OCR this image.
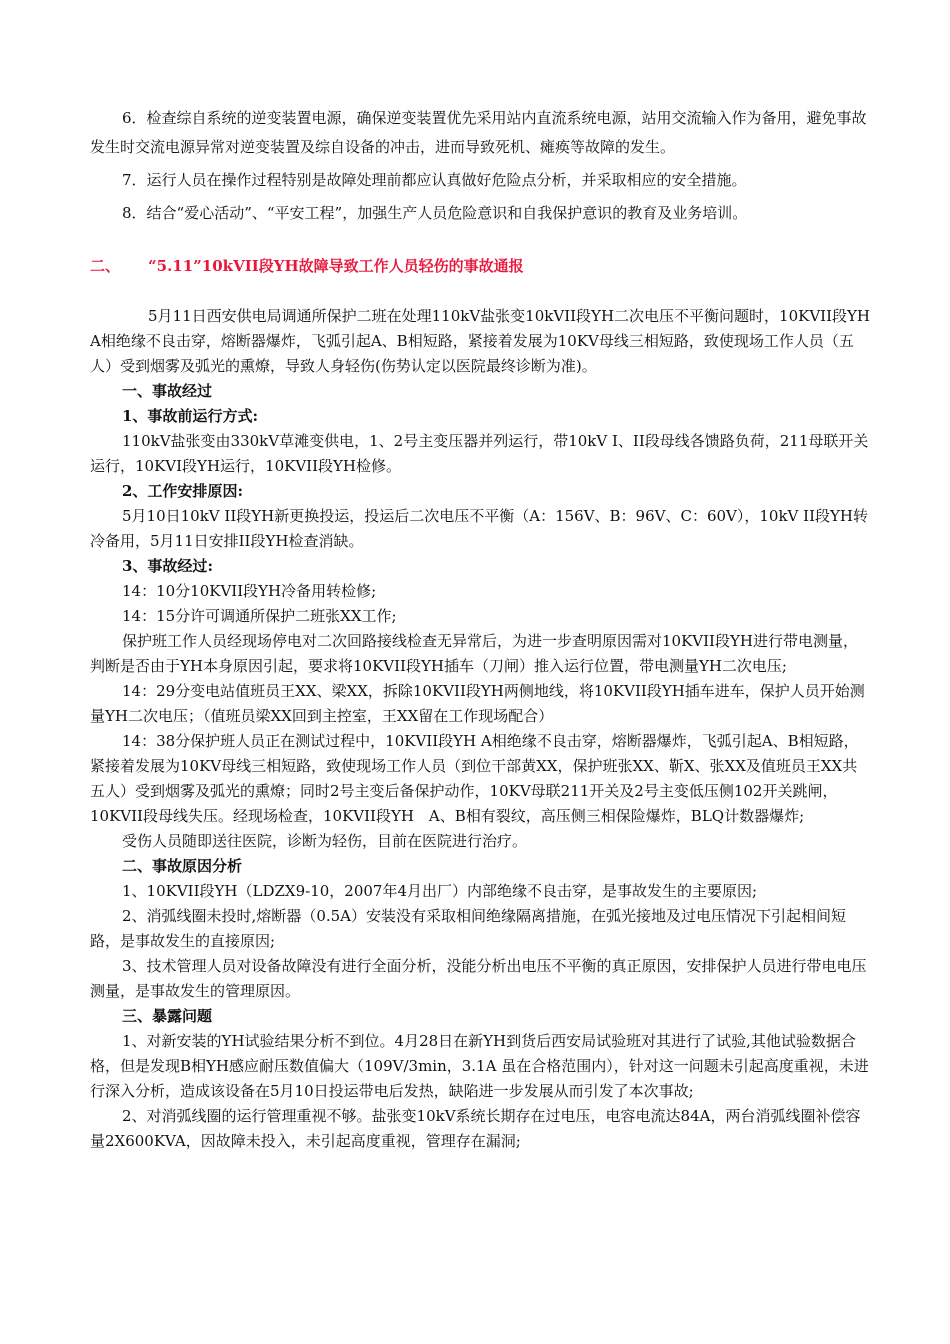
6．检查综自系统的逆变装置电源，确保逆变装置优先采用站内直流系统电源，站用交流输入作为备用，避免事故发生时交流电源异常对逆变装置及综自设备的冲击，进而导致死机、瘫痪等故障的发生。

7．运行人员在操作过程特别是故障处理前都应认真做好危险点分析，并采取相应的安全措施。

8．结合“爱心活动”、“平安工程”，加强生产人员危险意识和自我保护意识的教育及业务培训。

二、 “5.11”10kVII段YH故障导致工作人员轻伤的事故通报

5月11日西安供电局调通所保护二班在处理110kV盐张变10kVII段YH二次电压不平衡问题时，10KVII段YH A相绝缘不良击穿，熔断器爆炸，飞弧引起A、B相短路，紧接着发展为10KV母线三相短路，致使现场工作人员（五人）受到烟雾及弧光的熏燎，导致人身轻伤(伤势认定以医院最终诊断为准)。

一、事故经过

1、事故前运行方式:

110kV盐张变由330kV草滩变供电，1、2号主变压器并列运行，带10kV I、II段母线各馈路负荷，211母联开关运行，10KVI段YH运行，10KVII段YH检修。

2、工作安排原因:

5月10日10kV II段YH新更换投运，投运后二次电压不平衡（A：156V、B：96V、C：60V），10kV II段YH转冷备用，5月11日安排II段YH检查消缺。

3、事故经过:

14：10分10KVII段YH冷备用转检修;

14：15分许可调通所保护二班张XX工作;

保护班工作人员经现场停电对二次回路接线检查无异常后，为进一步查明原因需对10KVII段YH进行带电测量，判断是否由于YH本身原因引起，要求将10KVII段YH插车（刀闸）推入运行位置，带电测量YH二次电压;

14：29分变电站值班员王XX、梁XX，拆除10KVII段YH两侧地线，将10KVII段YH插车进车，保护人员开始测量YH二次电压；（值班员梁XX回到主控室，王XX留在工作现场配合）

14：38分保护班人员正在测试过程中，10KVII段YH A相绝缘不良击穿，熔断器爆炸，飞弧引起A、B相短路，紧接着发展为10KV母线三相短路，致使现场工作人员（到位干部黄XX，保护班张XX、靳X、张XX及值班员王XX共五人）受到烟雾及弧光的熏燎；同时2号主变后备保护动作，10KV母联211开关及2号主变低压侧102开关跳闸，10KVII段母线失压。经现场检查，10KVII段YH　A、B相有裂纹，高压侧三相保险爆炸，BLQ计数器爆炸;

受伤人员随即送往医院，诊断为轻伤，目前在医院进行治疗。

二、事故原因分析

1、10KVII段YH（LDZX9-10，2007年4月出厂）内部绝缘不良击穿，是事故发生的主要原因;

2、消弧线圈未投时,熔断器（0.5A）安装没有采取相间绝缘隔离措施，在弧光接地及过电压情况下引起相间短路，是事故发生的直接原因;

3、技术管理人员对设备故障没有进行全面分析，没能分析出电压不平衡的真正原因，安排保护人员进行带电电压测量，是事故发生的管理原因。

三、暴露问题

1、对新安装的YH试验结果分析不到位。4月28日在新YH到货后西安局试验班对其进行了试验,其他试验数据合格，但是发现B相YH感应耐压数值偏大（109V/3min，3.1A 虽在合格范围内），针对这一问题未引起高度重视，未进行深入分析，造成该设备在5月10日投运带电后发热，缺陷进一步发展从而引发了本次事故;

2、对消弧线圈的运行管理重视不够。盐张变10kV系统长期存在过电压，电容电流达84A，两台消弧线圈补偿容量2X600KVA，因故障未投入，未引起高度重视，管理存在漏洞;
